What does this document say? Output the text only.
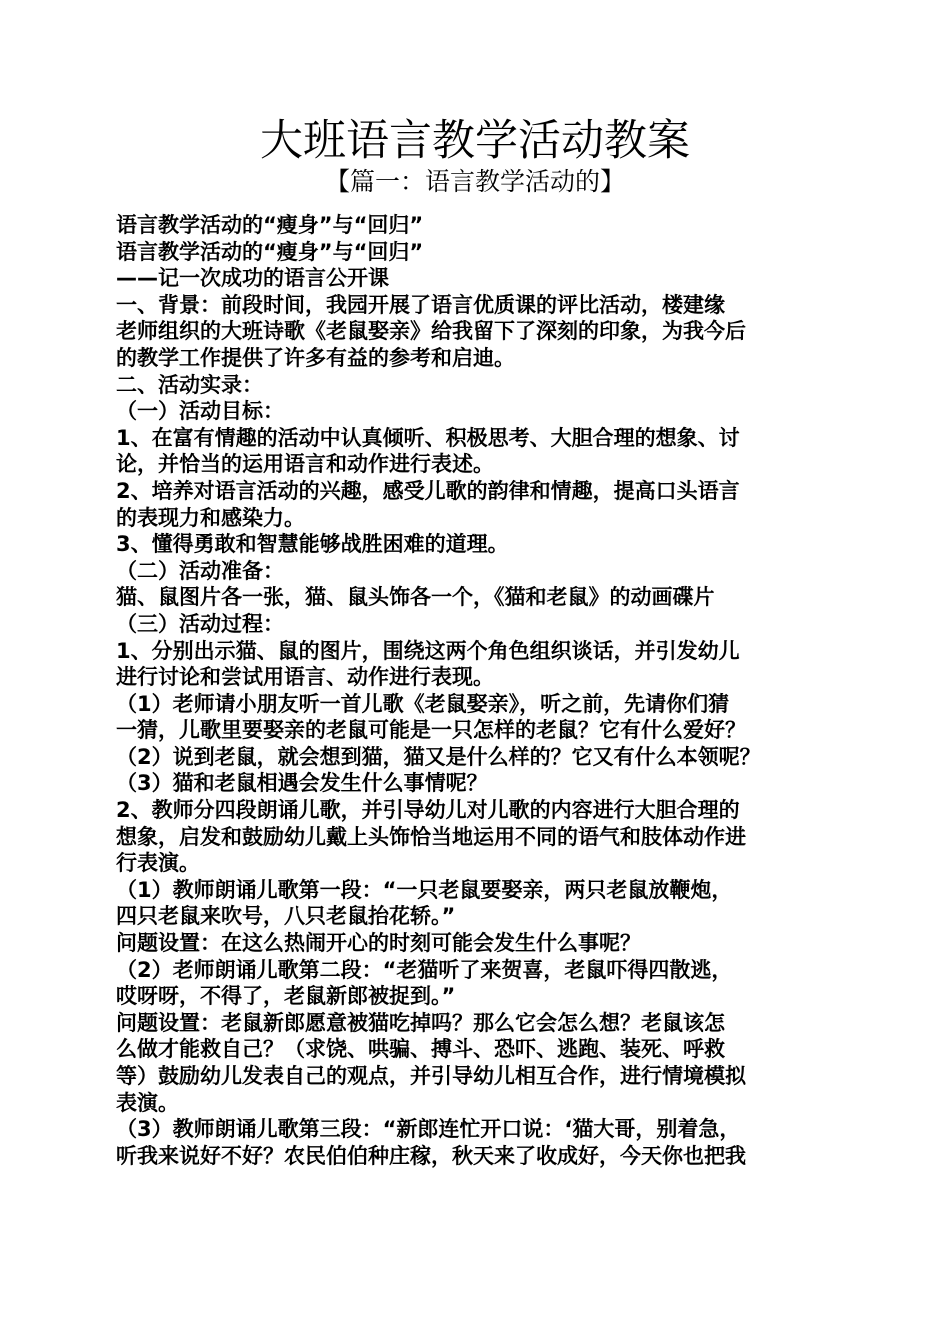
大班语言教学活动教案
【篇一：语言教学活动的】
语言教学活动的“瘦身”与“回归”
语言教学活动的“瘦身”与“回归”
——记一次成功的语言公开课
一、背景：前段时间，我园开展了语言优质课的评比活动，楼建缘
老师组织的大班诗歌《老鼠娶亲》给我留下了深刻的印象，为我今后
的教学工作提供了许多有益的参考和启迪。
二、活动实录：
（一）活动目标：
1、在富有情趣的活动中认真倾听、积极思考、大胆合理的想象、讨
论，并恰当的运用语言和动作进行表述。
2、培养对语言活动的兴趣，感受儿歌的韵律和情趣，提高口头语言
的表现力和感染力。
3、懂得勇敢和智慧能够战胜困难的道理。
（二）活动准备：
猫、鼠图片各一张，猫、鼠头饰各一个，《猫和老鼠》的动画碟片
（三）活动过程：
1、分别出示猫、鼠的图片，围绕这两个角色组织谈话，并引发幼儿
进行讨论和尝试用语言、动作进行表现。
（1）老师请小朋友听一首儿歌《老鼠娶亲》，听之前，先请你们猜
一猜，儿歌里要娶亲的老鼠可能是一只怎样的老鼠？它有什么爱好？
（2）说到老鼠，就会想到猫，猫又是什么样的？它又有什么本领呢？
（3）猫和老鼠相遇会发生什么事情呢？
2、教师分四段朗诵儿歌，并引导幼儿对儿歌的内容进行大胆合理的
想象，启发和鼓励幼儿戴上头饰恰当地运用不同的语气和肢体动作进
行表演。
（1）教师朗诵儿歌第一段：“一只老鼠要娶亲，两只老鼠放鞭炮，
四只老鼠来吹号，八只老鼠抬花轿。”
问题设置：在这么热闹开心的时刻可能会发生什么事呢？
（2）老师朗诵儿歌第二段：“老猫听了来贺喜，老鼠吓得四散逃，
哎呀呀，不得了，老鼠新郎被捉到。”
问题设置：老鼠新郎愿意被猫吃掉吗？那么它会怎么想？老鼠该怎
么做才能救自己？（求饶、哄骗、搏斗、恐吓、逃跑、装死、呼救
等）鼓励幼儿发表自己的观点，并引导幼儿相互合作，进行情境模拟
表演。
（3）教师朗诵儿歌第三段：“新郎连忙开口说：‘猫大哥，别着急，
听我来说好不好？农民伯伯种庄稼，秋天来了收成好，今天你也把我
